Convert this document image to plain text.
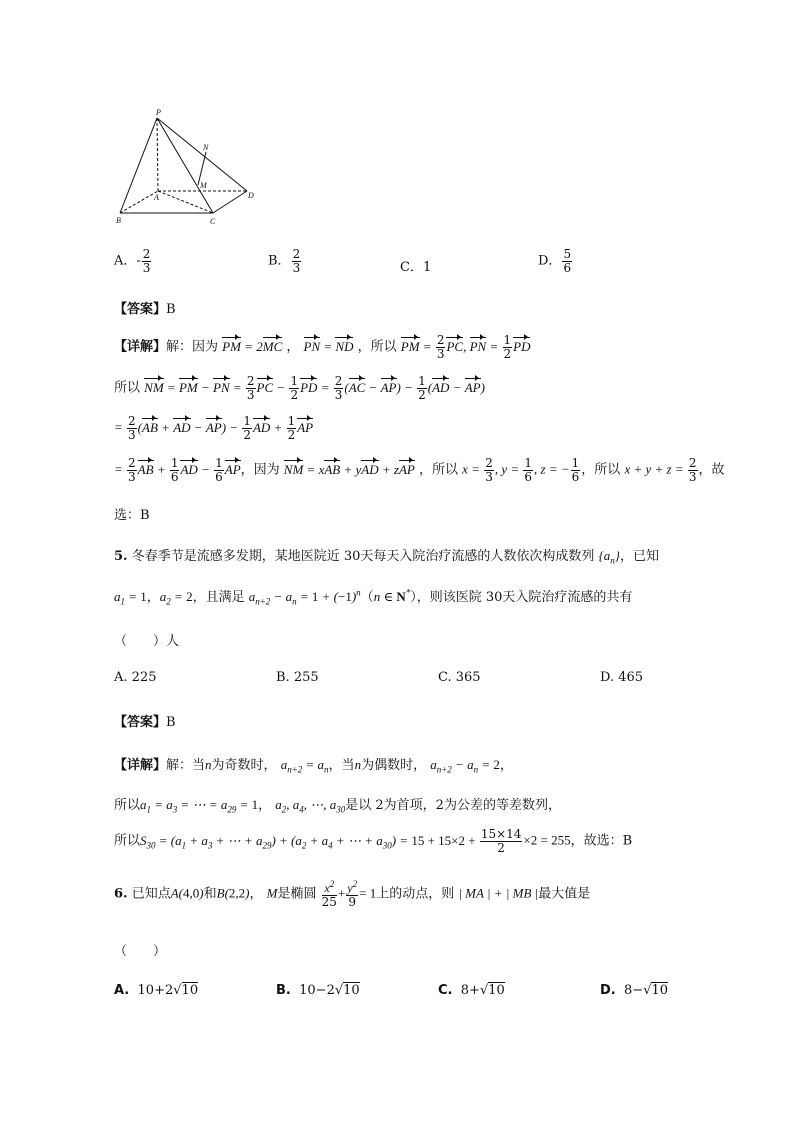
P
N
M
A
B	C
D
A．- $\frac{2}{3}$	B． $\frac{2}{3}$	C．1	D． $\frac{5}{6}$
【答案】B
【详解】解：因为 PM = 2MC ， PN = ND ，所以 PM = $\frac{2}{3}$ PC, PN = $\frac{1}{2}$ PD
所以 NM = PM − PN = $\frac{2}{3}$ PC − $\frac{1}{2}$ PD = $\frac{2}{3} (AC - AP) - \frac{1}{2} (AD - AP)$
= $\frac{2}{3} (AB$ + AD − $AP) - \frac{1}{2}$ AD + $\frac{1}{2}$ AP
= $\frac{2}{3}$ AB + $\frac{1}{6}$ AD − $\frac{1}{6}$ AP，因为 NM = xAB + yAD + zAP ，所以 $x = \frac{2}{3}$ , $y = \frac{1}{6}$ , z = − $\frac{1}{6}$ ，所以 $x + y + z = \frac{2}{3}$ ，故
选：B
5. 冬春季节是流感多发期，某地医院近 30天每天入院治疗流感的人数依次构成数列 $\{a_n\}$，已知
$a_1 = 1$，$a_2 = 2$，且满足 $a_{n+2} - a_n = 1 + (-1)^n(n$ ∈ N*），则该医院 30天入院治疗流感的共有
（　　）人
A. 225	B. 255	C. 365	D. 465
【答案】B
【详解】解：当n为奇数时， $a_{n+2} = a_n$，当n为偶数时， $a_{n+2} - a_n = 2$，
所以$a_1 = a_3$ = ⋯ = $a_{29} = 1$， $a_2$, $a_4$, ⋯, $a_{30}$是以 2为首项，2为公差的等差数列，
所以$S_{30} = (a_1 + a_3$ + ⋯ + $a_{29}) + (a_2 + a_4$ + ⋯ + $a_{30}) = 15 + 15\times 2 + \frac{15\times 14}{2} \times 2 = 255$，故选：B
6. 已知点A(4,0)和B(2,2)， M是椭圆 $\frac{x^2}{25} + \frac{y^2}{9} = 1$上的动点，则 | MA | + | MB |最大值是
（　　）
A. 10+2√10	B. 10−2√10	C. 8+√10	D. 8−√10
